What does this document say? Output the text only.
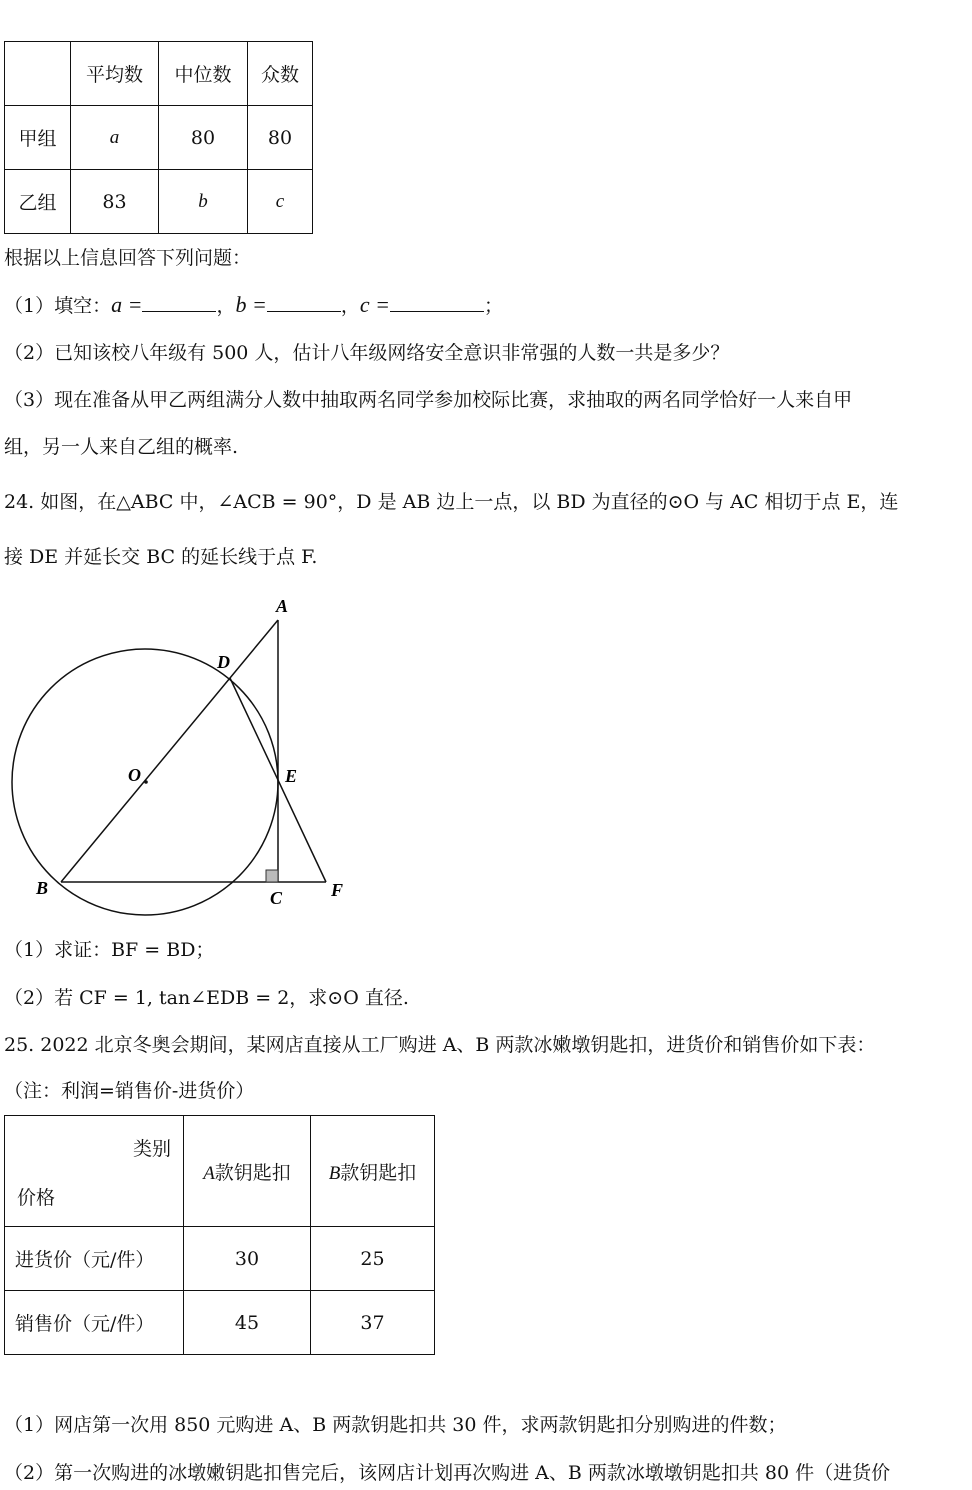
	平均数	中位数	众数
甲组	a	80	80
乙组	83	b	c
根据以上信息回答下列问题：
（1）填空：a =	，b =	，c =	；
（2）已知该校八年级有 500 人，估计八年级网络安全意识非常强的人数一共是多少？
（3）现在准备从甲乙两组满分人数中抽取两名同学参加校际比赛，求抽取的两名同学恰好一人来自甲
组，另一人来自乙组的概率.
24. 如图，在△ABC 中，∠ACB = 90°，D 是 AB 边上一点，以 BD 为直径的⊙O 与 AC 相切于点 E，连
接 DE 并延长交 BC 的延长线于点 F.
A
D
O	E
B	C	F
（1）求证：BF = BD；
（2）若 CF = 1, tan∠EDB = 2，求⊙O 直径.
25. 2022 北京冬奥会期间，某网店直接从工厂购进 A、B 两款冰嫩墩钥匙扣，进货价和销售价如下表：
（注：利润=销售价-进货价）
类别
价格	A款钥匙扣	B款钥匙扣
进货价（元/件）	30	25
销售价（元/件）	45	37
（1）网店第一次用 850 元购进 A、B 两款钥匙扣共 30 件，求两款钥匙扣分别购进的件数；
（2）第一次购进的冰墩嫩钥匙扣售完后，该网店计划再次购进 A、B 两款冰墩墩钥匙扣共 80 件（进货价
